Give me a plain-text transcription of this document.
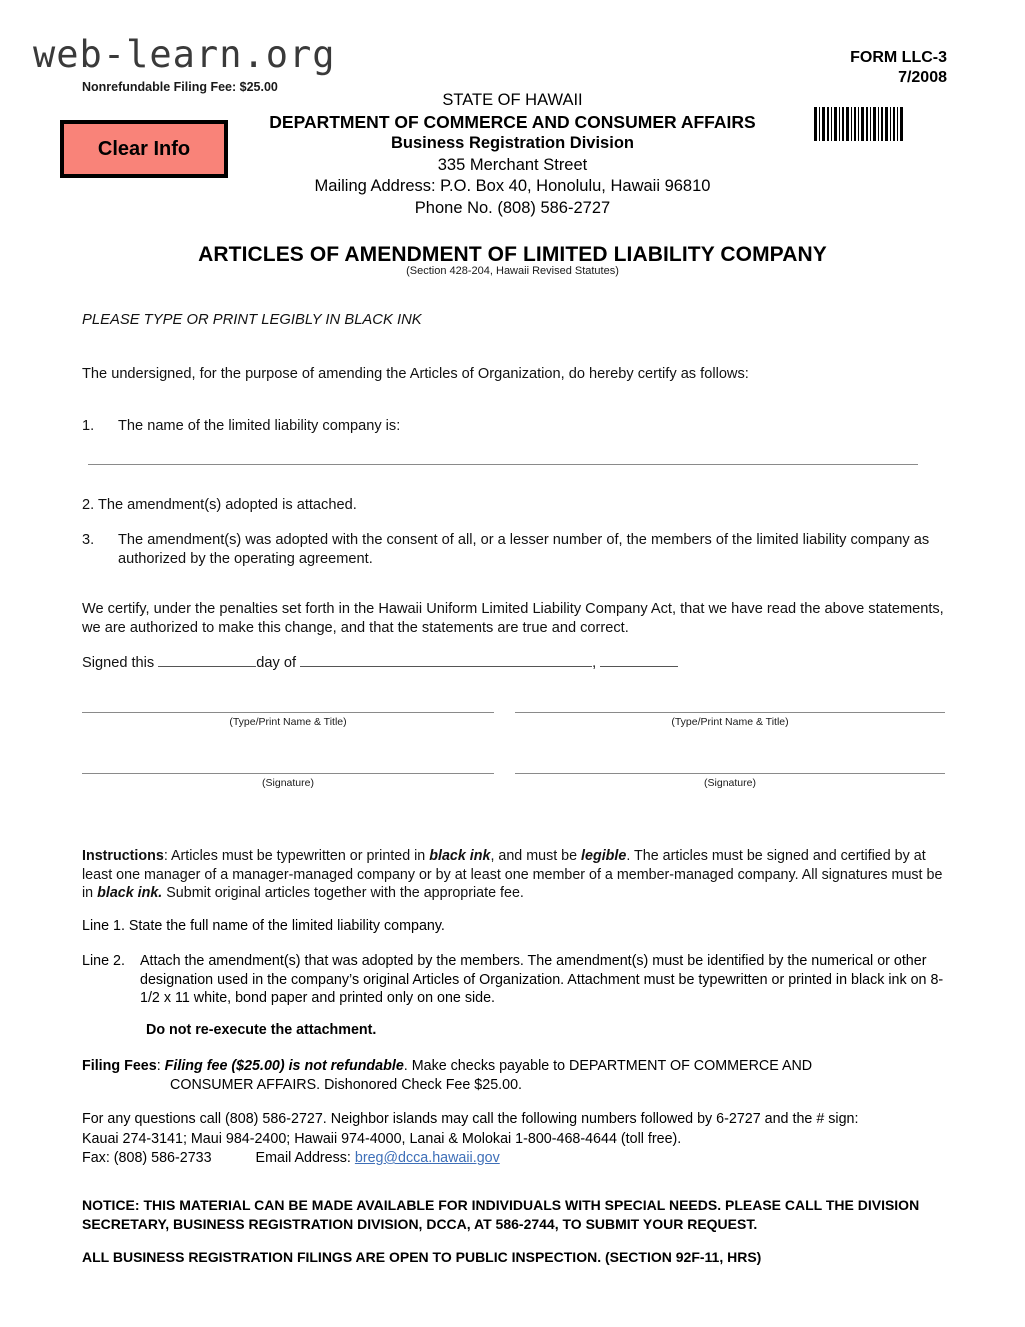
web-learn.org
Nonrefundable Filing Fee: $25.00
Clear Info
FORM LLC-3
7/2008
STATE OF HAWAII
DEPARTMENT OF COMMERCE AND CONSUMER AFFAIRS
Business Registration Division
335 Merchant Street
Mailing Address: P.O. Box 40, Honolulu, Hawaii 96810
Phone No. (808) 586-2727
ARTICLES OF AMENDMENT OF LIMITED LIABILITY COMPANY
(Section 428-204, Hawaii Revised Statutes)
PLEASE TYPE OR PRINT LEGIBLY IN BLACK INK
The undersigned, for the purpose of amending the Articles of Organization, do hereby certify as follows:
1. The name of the limited liability company is:
2. The amendment(s) adopted is attached.
3. The amendment(s) was adopted with the consent of all, or a lesser number of, the members of the limited liability company as authorized by the operating agreement.
We certify, under the penalties set forth in the Hawaii Uniform Limited Liability Company Act, that we have read the above statements, we are authorized to make this change, and that the statements are true and correct.
Signed this	day of	,
(Type/Print Name & Title)	(Type/Print Name & Title)
(Signature)	(Signature)
Instructions: Articles must be typewritten or printed in black ink, and must be legible. The articles must be signed and certified by at least one manager of a manager-managed company or by at least one member of a member-managed company. All signatures must be in black ink. Submit original articles together with the appropriate fee.
Line 1. State the full name of the limited liability company.
Line 2. Attach the amendment(s) that was adopted by the members. The amendment(s) must be identified by the numerical or other designation used in the company’s original Articles of Organization. Attachment must be typewritten or printed in black ink on 8-1/2 x 11 white, bond paper and printed only on one side.
Do not re-execute the attachment.
Filing Fees: Filing fee ($25.00) is not refundable. Make checks payable to DEPARTMENT OF COMMERCE AND
CONSUMER AFFAIRS. Dishonored Check Fee $25.00.
For any questions call (808) 586-2727. Neighbor islands may call the following numbers followed by 6-2727 and the # sign:
Kauai 274-3141; Maui 984-2400; Hawaii 974-4000, Lanai & Molokai 1-800-468-4644 (toll free).
Fax: (808) 586-2733	Email Address: breg@dcca.hawaii.gov
NOTICE: THIS MATERIAL CAN BE MADE AVAILABLE FOR INDIVIDUALS WITH SPECIAL NEEDS. PLEASE CALL THE DIVISION SECRETARY, BUSINESS REGISTRATION DIVISION, DCCA, AT 586-2744, TO SUBMIT YOUR REQUEST.
ALL BUSINESS REGISTRATION FILINGS ARE OPEN TO PUBLIC INSPECTION. (SECTION 92F-11, HRS)
